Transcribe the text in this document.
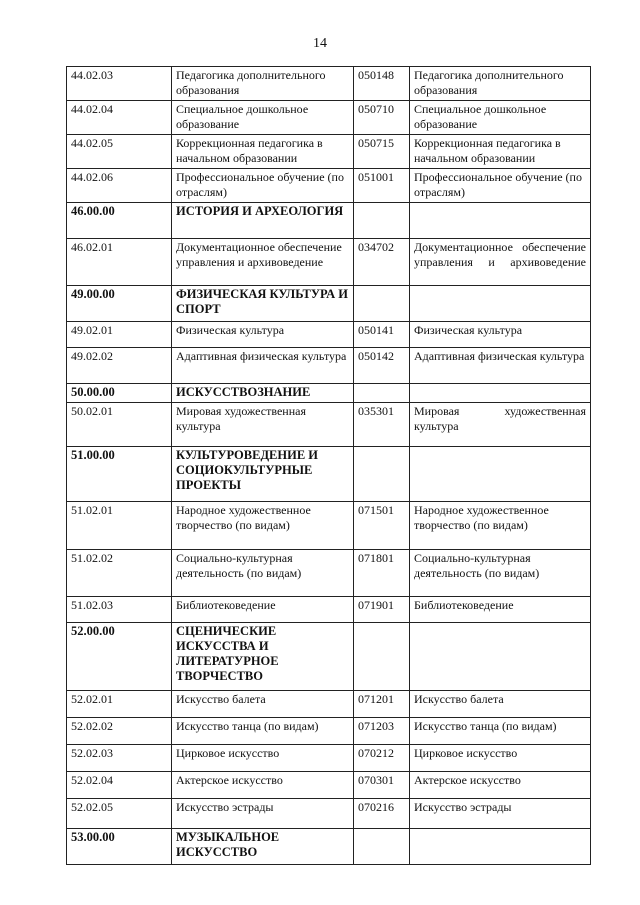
14
44.02.03	Педагогика дополнительного образования	050148	Педагогика дополнительного образования
44.02.04	Специальное дошкольное образование	050710	Специальное дошкольное образование
44.02.05	Коррекционная педагогика в начальном образовании	050715	Коррекционная педагогика в начальном образовании
44.02.06	Профессиональное обучение (по отраслям)	051001	Профессиональное обучение (по отраслям)
46.00.00	ИСТОРИЯ И АРХЕОЛОГИЯ		
46.02.01	Документационное обеспечение управления и архивоведение	034702	Документационное обеспечение управления и архивоведение
49.00.00	ФИЗИЧЕСКАЯ КУЛЬТУРА И СПОРТ		
49.02.01	Физическая культура	050141	Физическая культура
49.02.02	Адаптивная физическая культура	050142	Адаптивная физическая культура
50.00.00	ИСКУССТВОЗНАНИЕ		
50.02.01	Мировая художественная культура	035301	Мировая художественная культура
51.00.00	КУЛЬТУРОВЕДЕНИЕ И СОЦИОКУЛЬТУРНЫЕ ПРОЕКТЫ		
51.02.01	Народное художественное творчество (по видам)	071501	Народное художественное творчество (по видам)
51.02.02	Социально-культурная деятельность (по видам)	071801	Социально-культурная деятельность (по видам)
51.02.03	Библиотековедение	071901	Библиотековедение
52.00.00	СЦЕНИЧЕСКИЕ ИСКУССТВА И ЛИТЕРАТУРНОЕ ТВОРЧЕСТВО		
52.02.01	Искусство балета	071201	Искусство балета
52.02.02	Искусство танца (по видам)	071203	Искусство танца (по видам)
52.02.03	Цирковое искусство	070212	Цирковое искусство
52.02.04	Актерское искусство	070301	Актерское искусство
52.02.05	Искусство эстрады	070216	Искусство эстрады
53.00.00	МУЗЫКАЛЬНОЕ ИСКУССТВО		
